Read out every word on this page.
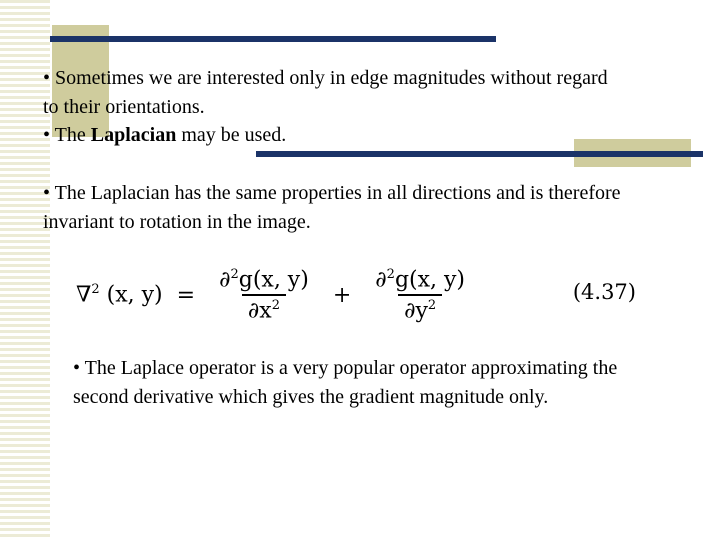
• Sometimes we are interested only in edge magnitudes without regard
to their orientations.
• The Laplacian may be used.

• The Laplacian has the same properties in all directions and is therefore invariant to rotation in the image.

∇$^2$ (x, $y) = \frac{\partial^2g(x, y)}{\partial x^2} + \frac{\partial^2g(x, y)}{\partial y^2}$	(4.37)

• The Laplace operator is a very popular operator approximating the second derivative which gives the gradient magnitude only.
